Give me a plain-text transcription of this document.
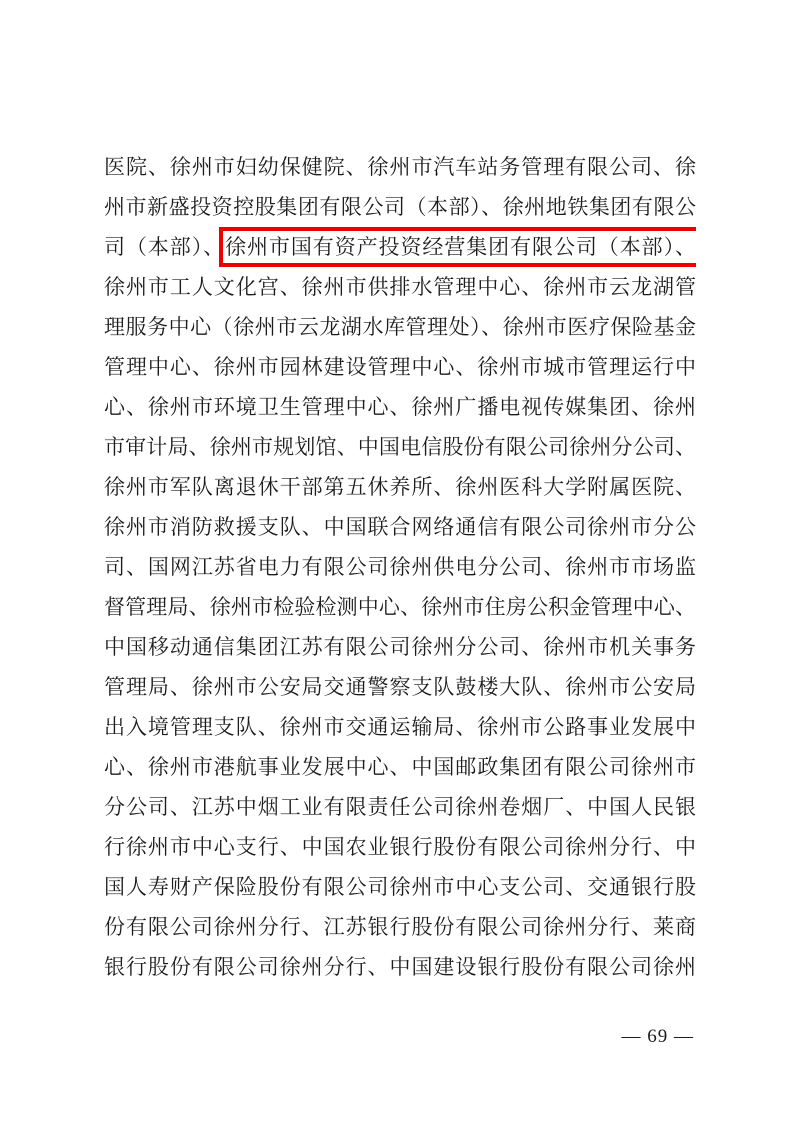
医院、徐州市妇幼保健院、徐州市汽车站务管理有限公司、徐
州市新盛投资控股集团有限公司（本部）、徐州地铁集团有限公
司（本部）、徐州市国有资产投资经营集团有限公司（本部）、
徐州市工人文化宫、徐州市供排水管理中心、徐州市云龙湖管
理服务中心（徐州市云龙湖水库管理处）、徐州市医疗保险基金
管理中心、徐州市园林建设管理中心、徐州市城市管理运行中
心、徐州市环境卫生管理中心、徐州广播电视传媒集团、徐州
市审计局、徐州市规划馆、中国电信股份有限公司徐州分公司、
徐州市军队离退休干部第五休养所、徐州医科大学附属医院、
徐州市消防救援支队、中国联合网络通信有限公司徐州市分公
司、国网江苏省电力有限公司徐州供电分公司、徐州市市场监
督管理局、徐州市检验检测中心、徐州市住房公积金管理中心、
中国移动通信集团江苏有限公司徐州分公司、徐州市机关事务
管理局、徐州市公安局交通警察支队鼓楼大队、徐州市公安局
出入境管理支队、徐州市交通运输局、徐州市公路事业发展中
心、徐州市港航事业发展中心、中国邮政集团有限公司徐州市
分公司、江苏中烟工业有限责任公司徐州卷烟厂、中国人民银
行徐州市中心支行、中国农业银行股份有限公司徐州分行、中
国人寿财产保险股份有限公司徐州市中心支公司、交通银行股
份有限公司徐州分行、江苏银行股份有限公司徐州分行、莱商
银行股份有限公司徐州分行、中国建设银行股份有限公司徐州
— 69 —
